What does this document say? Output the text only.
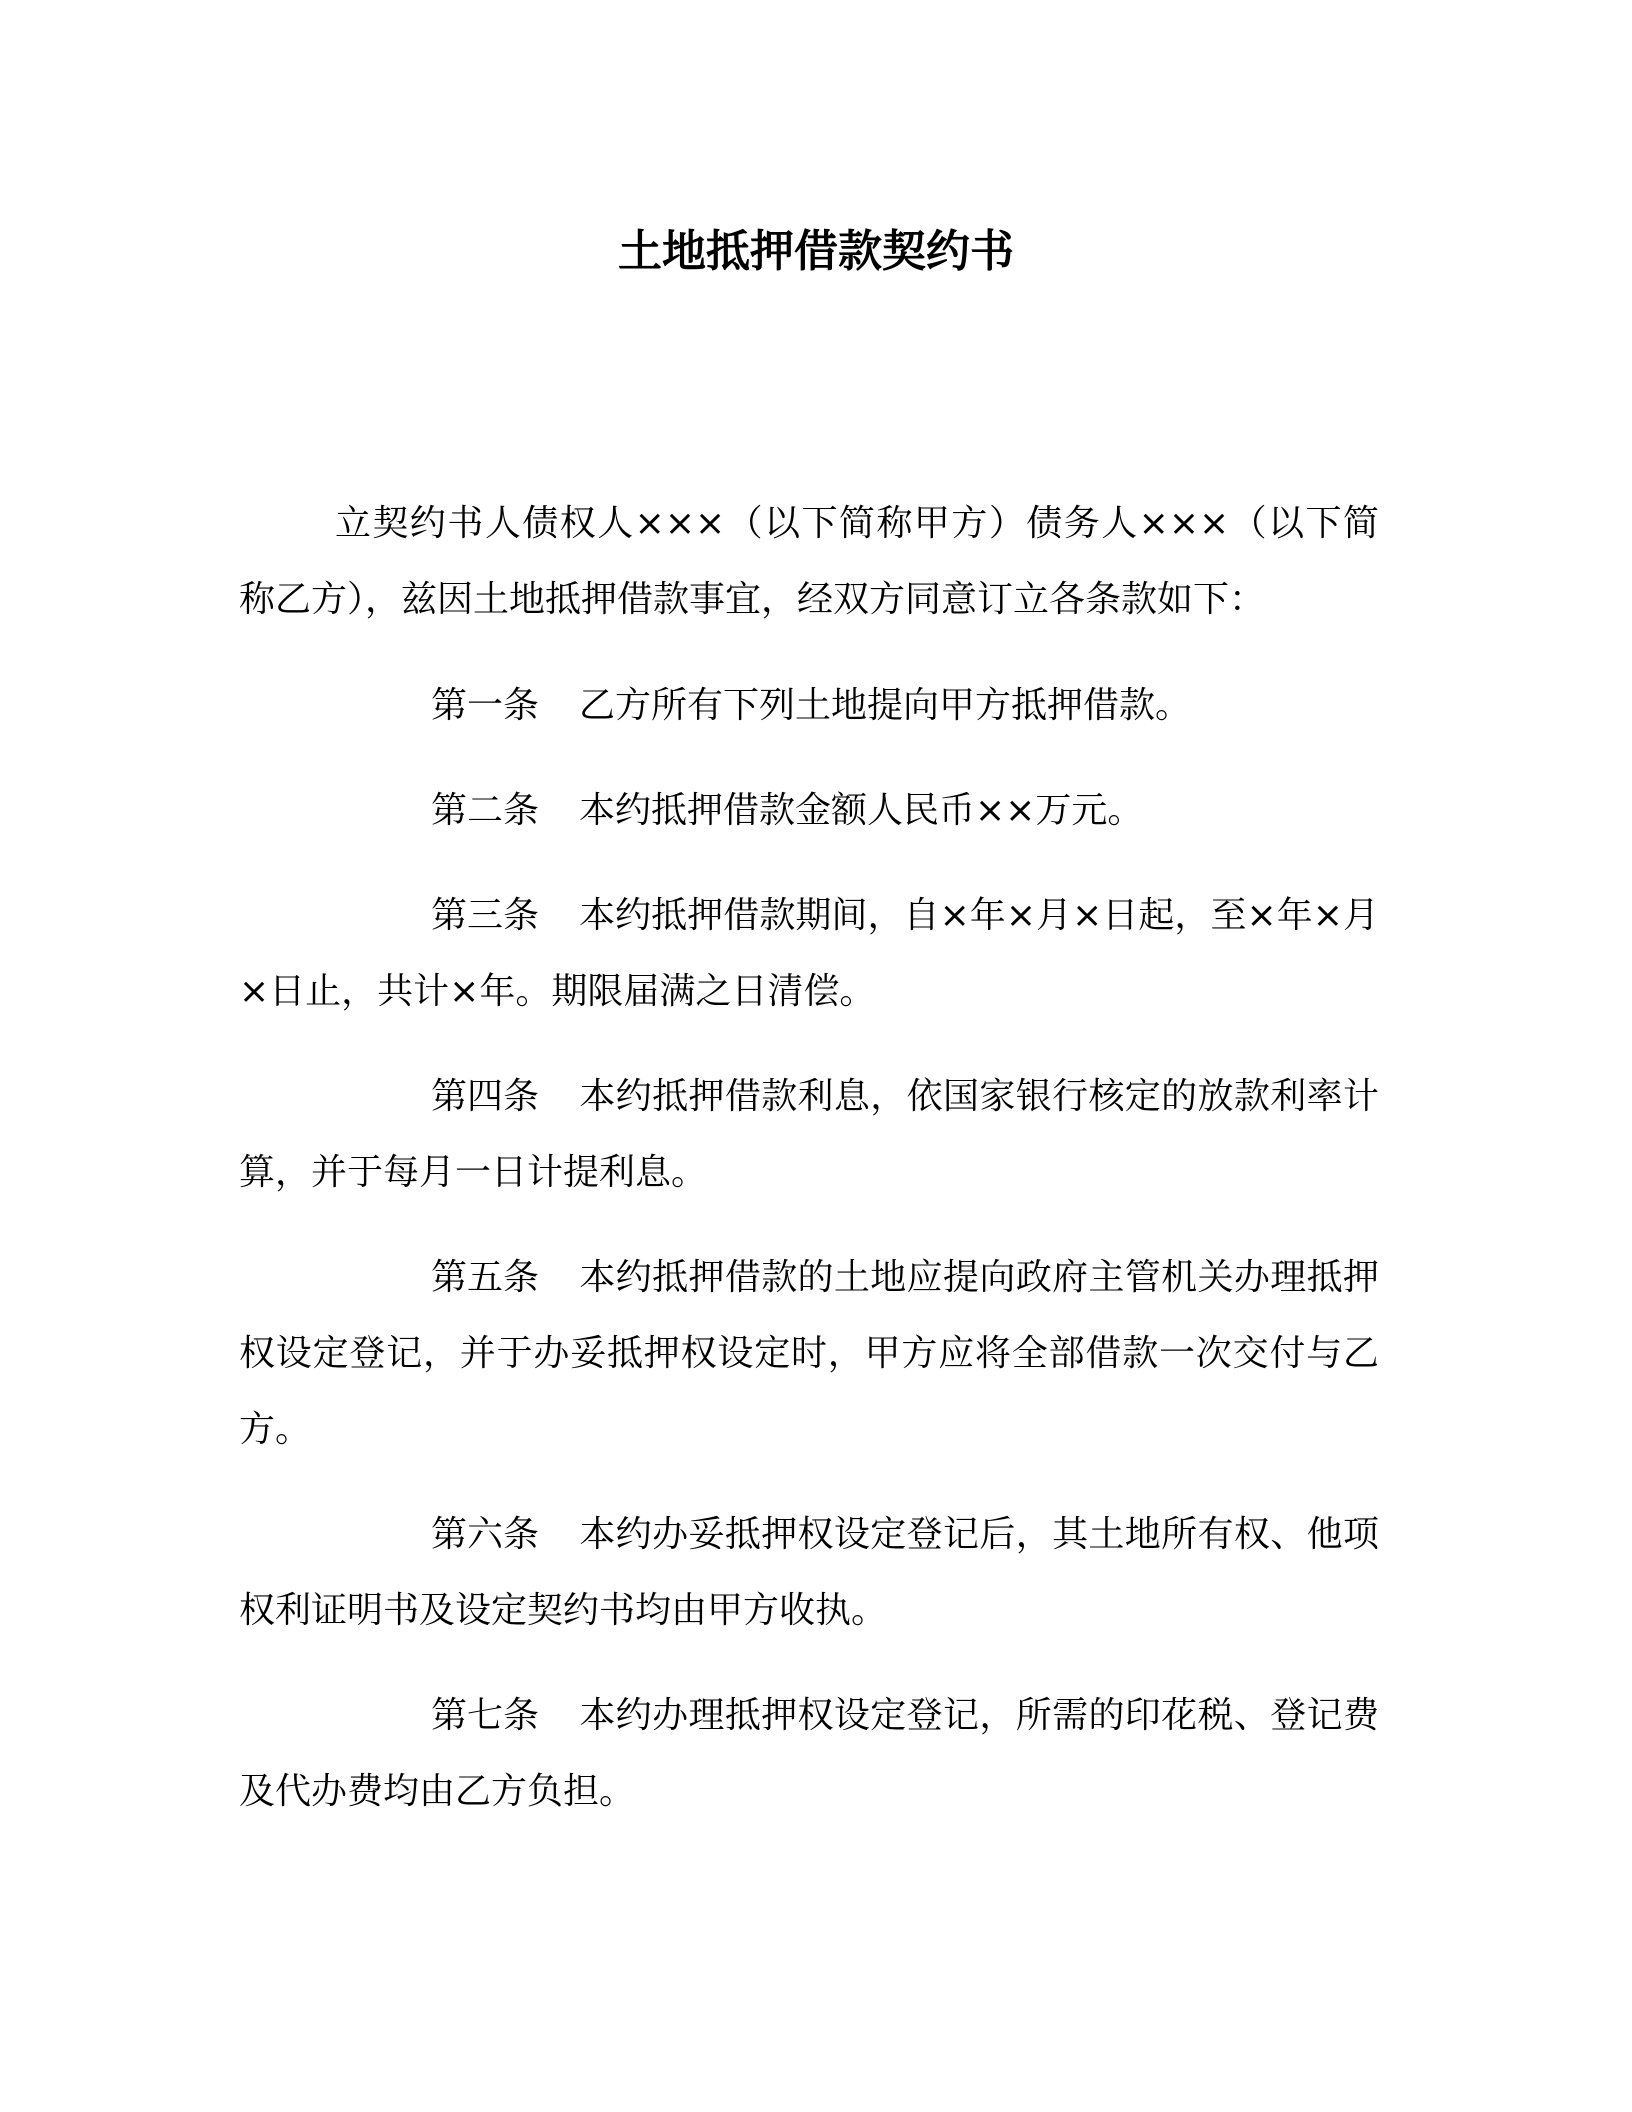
土地抵押借款契约书

立契约书人债权人×××（以下简称甲方）债务人×××（以下简称乙方），兹因土地抵押借款事宜，经双方同意订立各条款如下：

第一条 乙方所有下列土地提向甲方抵押借款。

第二条 本约抵押借款金额人民币××万元。

第三条 本约抵押借款期间，自×年×月×日起，至×年×月×日止，共计×年。期限届满之日清偿。

第四条 本约抵押借款利息，依国家银行核定的放款利率计算，并于每月一日计提利息。

第五条 本约抵押借款的土地应提向政府主管机关办理抵押权设定登记，并于办妥抵押权设定时，甲方应将全部借款一次交付与乙方。

第六条 本约办妥抵押权设定登记后，其土地所有权、他项权利证明书及设定契约书均由甲方收执。

第七条 本约办理抵押权设定登记，所需的印花税、登记费及代办费均由乙方负担。
